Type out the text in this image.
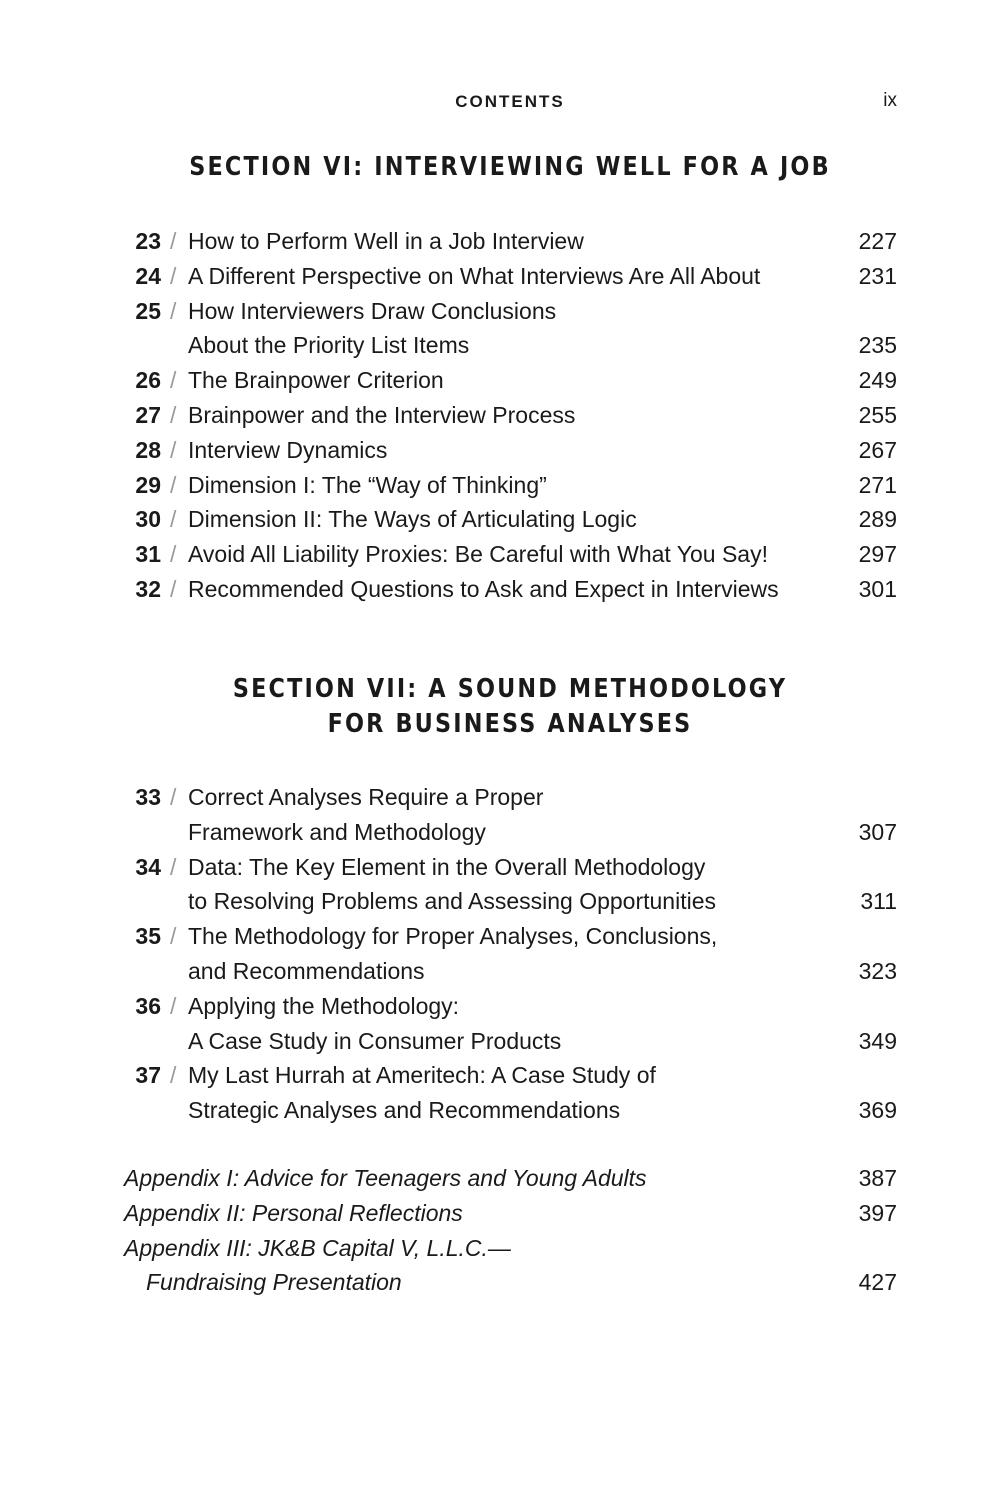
CONTENTS	ix
SECTION VI: INTERVIEWING WELL FOR A JOB
23 / How to Perform Well in a Job Interview	227
24 / A Different Perspective on What Interviews Are All About	231
25 / How Interviewers Draw Conclusions
About the Priority List Items	235
26 / The Brainpower Criterion	249
27 / Brainpower and the Interview Process	255
28 / Interview Dynamics	267
29 / Dimension I: The “Way of Thinking”	271
30 / Dimension II: The Ways of Articulating Logic	289
31 / Avoid All Liability Proxies: Be Careful with What You Say!	297
32 / Recommended Questions to Ask and Expect in Interviews	301
SECTION VII: A SOUND METHODOLOGY
FOR BUSINESS ANALYSES
33 / Correct Analyses Require a Proper
Framework and Methodology	307
34 / Data: The Key Element in the Overall Methodology
to Resolving Problems and Assessing Opportunities	311
35 / The Methodology for Proper Analyses, Conclusions,
and Recommendations	323
36 / Applying the Methodology:
A Case Study in Consumer Products	349
37 / My Last Hurrah at Ameritech: A Case Study of
Strategic Analyses and Recommendations	369
Appendix I: Advice for Teenagers and Young Adults	387
Appendix II: Personal Reflections	397
Appendix III: JK&B Capital V, L.L.C.—
Fundraising Presentation	427
